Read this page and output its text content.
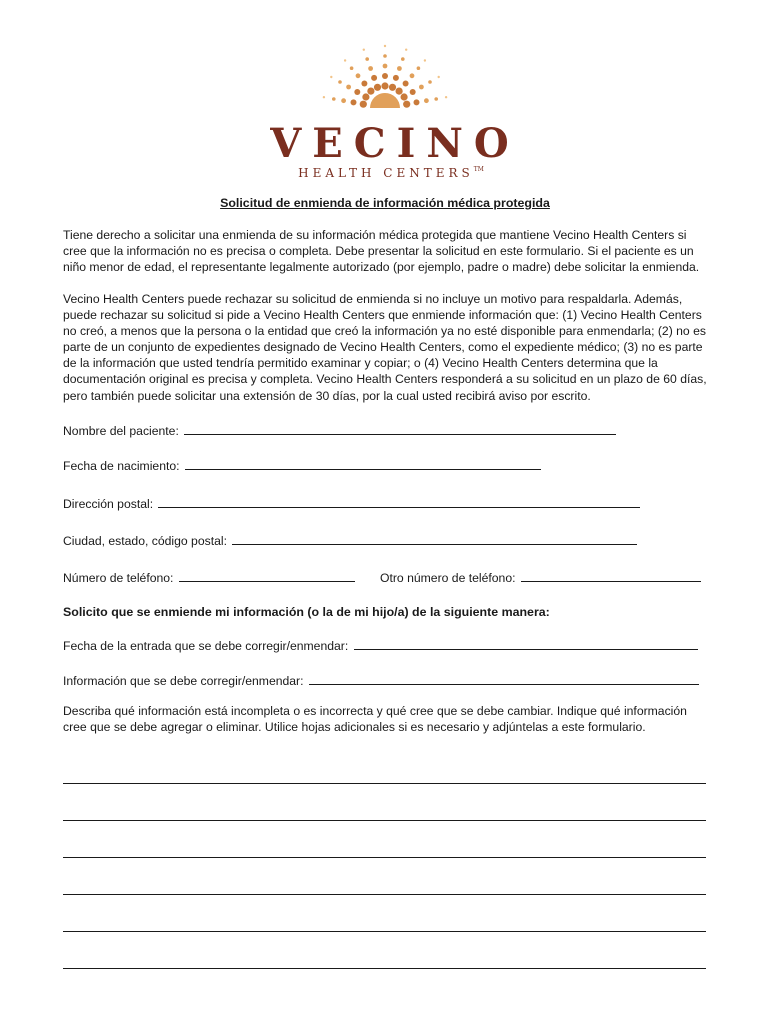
VECINO
HEALTH CENTERS™
Solicitud de enmienda de información médica protegida

Tiene derecho a solicitar una enmienda de su información médica protegida que mantiene Vecino Health Centers si cree que la información no es precisa o completa. Debe presentar la solicitud en este formulario. Si el paciente es un niño menor de edad, el representante legalmente autorizado (por ejemplo, padre o madre) debe solicitar la enmienda.

Vecino Health Centers puede rechazar su solicitud de enmienda si no incluye un motivo para respaldarla. Además, puede rechazar su solicitud si pide a Vecino Health Centers que enmiende información que: (1) Vecino Health Centers no creó, a menos que la persona o la entidad que creó la información ya no esté disponible para enmendarla; (2) no es parte de un conjunto de expedientes designado de Vecino Health Centers, como el expediente médico; (3) no es parte de la información que usted tendría permitido examinar y copiar; o (4) Vecino Health Centers determina que la documentación original es precisa y completa. Vecino Health Centers responderá a su solicitud en un plazo de 60 días, pero también puede solicitar una extensión de 30 días, por la cual usted recibirá aviso por escrito.

Nombre del paciente:
Fecha de nacimiento:
Dirección postal:
Ciudad, estado, código postal:
Número de teléfono:	Otro número de teléfono:
Solicito que se enmiende mi información (o la de mi hijo/a) de la siguiente manera:
Fecha de la entrada que se debe corregir/enmendar:
Información que se debe corregir/enmendar:

Describa qué información está incompleta o es incorrecta y qué cree que se debe cambiar. Indique qué información cree que se debe agregar o eliminar. Utilice hojas adicionales si es necesario y adjúntelas a este formulario.
